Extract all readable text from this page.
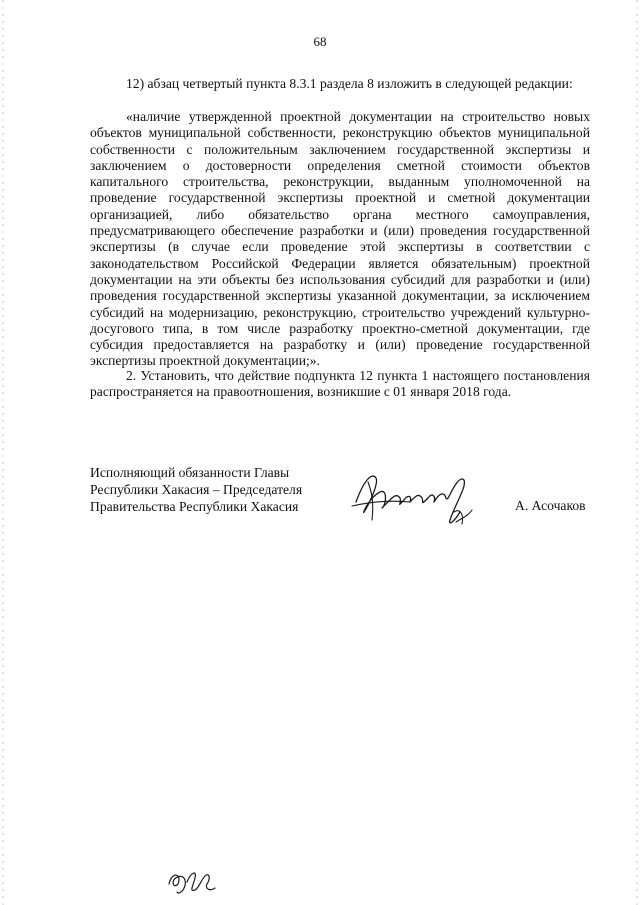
68

12) абзац четвертый пункта 8.3.1 раздела 8 изложить в следующей редакции:

«наличие утвержденной проектной документации на строительство новых объектов муниципальной собственности, реконструкцию объектов муниципальной собственности с положительным заключением государственной экспертизы и заключением о достоверности определения сметной стоимости объектов капитального строительства, реконструкции, выданным уполномоченной на проведение государственной экспертизы проектной и сметной документации организацией, либо обязательство органа местного самоуправления, предусматривающего обеспечение разработки и (или) проведения государственной экспертизы (в случае если проведение этой экспертизы в соответствии с законодательством Российской Федерации является обязательным) проектной документации на эти объекты без использования субсидий для разработки и (или) проведения государственной экспертизы указанной документации, за исключением субсидий на модернизацию, реконструкцию, строительство учреждений культурно-досугового типа, в том числе разработку проектно-сметной документации, где субсидия предоставляется на разработку и (или) проведение государственной экспертизы проектной документации;».

2. Установить, что действие подпункта 12 пункта 1 настоящего постановления распространяется на правоотношения, возникшие с 01 января 2018 года.

Исполняющий обязанности Главы
Республики Хакасия – Председателя
Правительства Республики Хакасия	А. Асочаков
